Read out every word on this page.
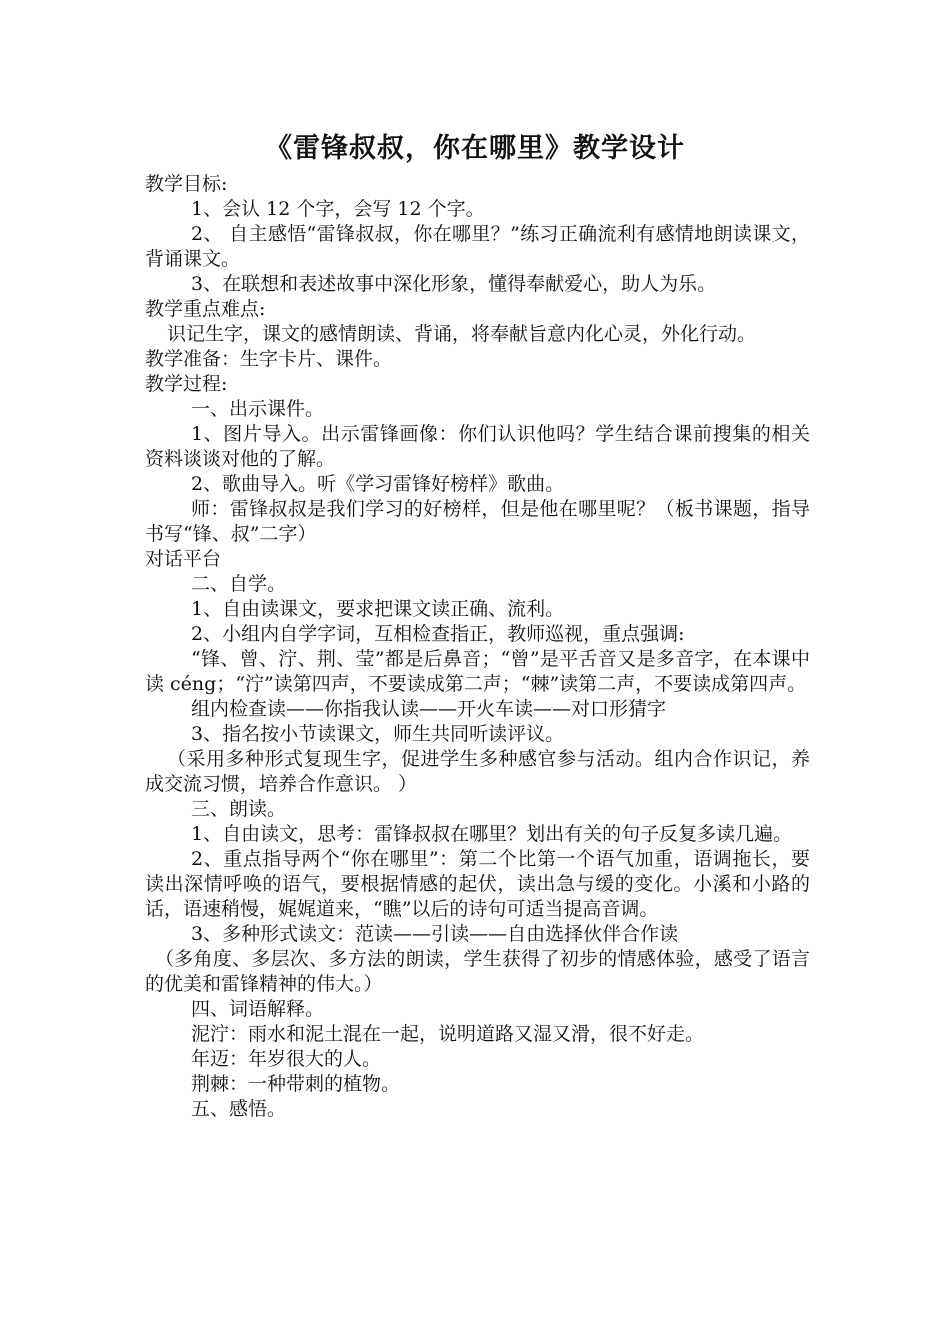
《雷锋叔叔，你在哪里》教学设计

教学目标:

1、会认 12 个字，会写 12 个字。

2、 自主感悟“雷锋叔叔，你在哪里？”练习正确流利有感情地朗读课文，背诵课文。

3、在联想和表述故事中深化形象，懂得奉献爱心，助人为乐。

教学重点难点:

识记生字，课文的感情朗读、背诵，将奉献旨意内化心灵，外化行动。

教学准备：生字卡片、课件。

教学过程:

一、出示课件。

1、图片导入。出示雷锋画像：你们认识他吗？学生结合课前搜集的相关资料谈谈对他的了解。

2、歌曲导入。听《学习雷锋好榜样》歌曲。

师：雷锋叔叔是我们学习的好榜样，但是他在哪里呢？（板书课题，指导书写“锋、叔”二字）

对话平台

二、自学。

1、自由读课文，要求把课文读正确、流利。

2、小组内自学字词，互相检查指正，教师巡视，重点强调:

“锋、曾、泞、荆、莹”都是后鼻音；“曾”是平舌音又是多音字，在本课中读 céng；“泞”读第四声，不要读成第二声；“棘”读第二声，不要读成第四声。

组内检查读——你指我认读——开火车读——对口形猜字

3、指名按小节读课文，师生共同听读评议。

（采用多种形式复现生字，促进学生多种感官参与活动。组内合作识记，养成交流习惯，培养合作意识。 ）

三、朗读。

1、自由读文，思考：雷锋叔叔在哪里？划出有关的句子反复多读几遍。

2、重点指导两个“你在哪里”：第二个比第一个语气加重，语调拖长，要读出深情呼唤的语气，要根据情感的起伏，读出急与缓的变化。小溪和小路的话，语速稍慢，娓娓道来，“瞧”以后的诗句可适当提高音调。

3、多种形式读文：范读——引读——自由选择伙伴合作读

（多角度、多层次、多方法的朗读，学生获得了初步的情感体验，感受了语言的优美和雷锋精神的伟大。）

四、词语解释。

泥泞：雨水和泥土混在一起，说明道路又湿又滑，很不好走。

年迈：年岁很大的人。

荆棘：一种带刺的植物。

五、感悟。
